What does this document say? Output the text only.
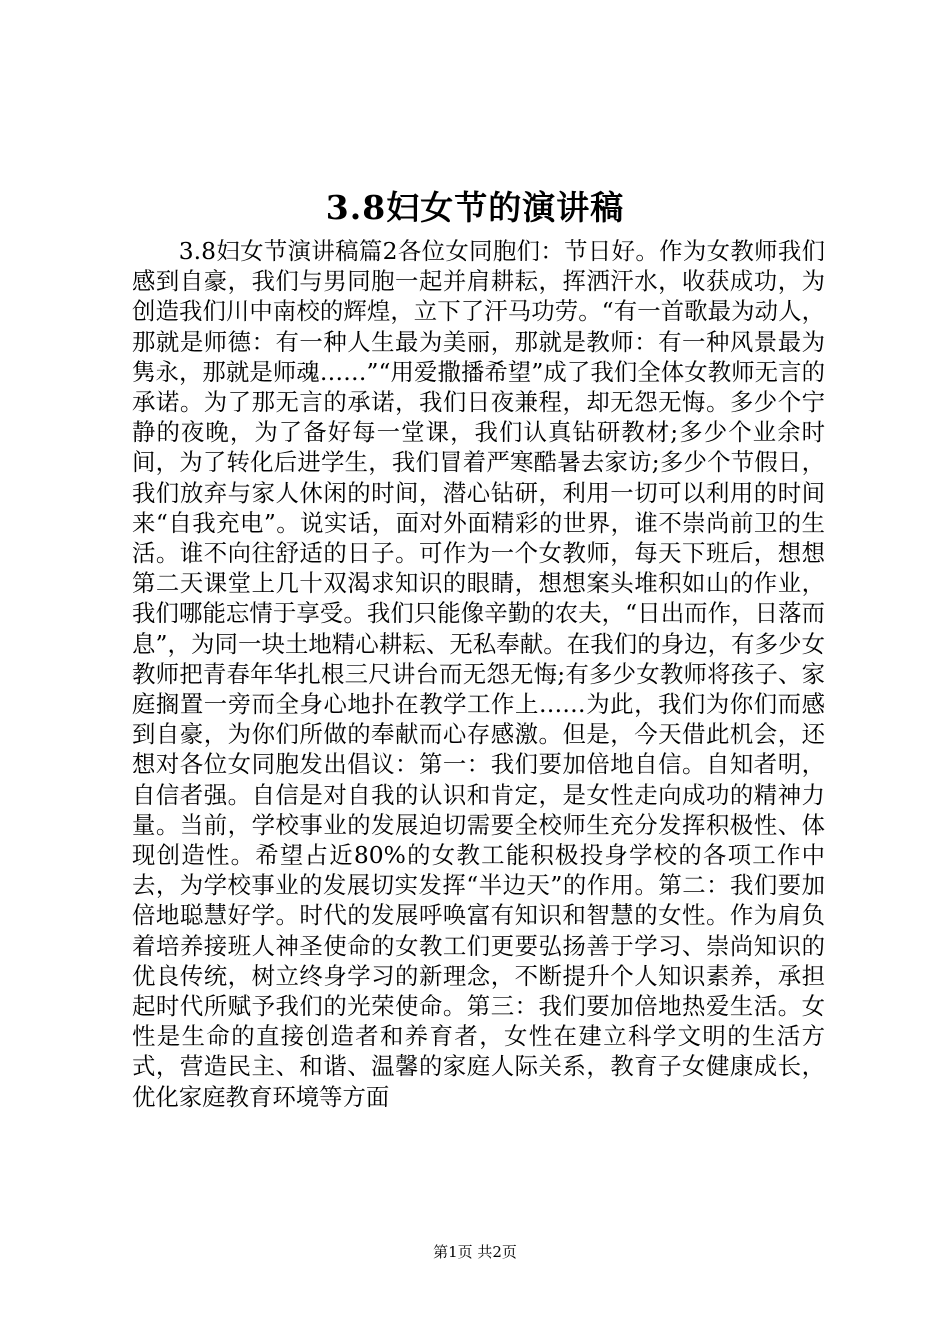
3.8妇女节的演讲稿

3.8妇女节演讲稿篇2各位女同胞们：节日好。作为女教师我们感到自豪，我们与男同胞一起并肩耕耘，挥洒汗水，收获成功，为创造我们川中南校的辉煌，立下了汗马功劳。“有一首歌最为动人，那就是师德：有一种人生最为美丽，那就是教师：有一种风景最为隽永，那就是师魂……”“用爱撒播希望”成了我们全体女教师无言的承诺。为了那无言的承诺，我们日夜兼程，却无怨无悔。多少个宁静的夜晚，为了备好每一堂课，我们认真钻研教材;多少个业余时间，为了转化后进学生，我们冒着严寒酷暑去家访;多少个节假日，我们放弃与家人休闲的时间，潜心钻研，利用一切可以利用的时间来“自我充电”。说实话，面对外面精彩的世界，谁不崇尚前卫的生活。谁不向往舒适的日子。可作为一个女教师，每天下班后，想想第二天课堂上几十双渴求知识的眼睛，想想案头堆积如山的作业，我们哪能忘情于享受。我们只能像辛勤的农夫，“日出而作，日落而息”，为同一块土地精心耕耘、无私奉献。在我们的身边，有多少女教师把青春年华扎根三尺讲台而无怨无悔;有多少女教师将孩子、家庭搁置一旁而全身心地扑在教学工作上……为此，我们为你们而感到自豪，为你们所做的奉献而心存感激。但是，今天借此机会，还想对各位女同胞发出倡议：第一：我们要加倍地自信。自知者明，自信者强。自信是对自我的认识和肯定，是女性走向成功的精神力量。当前，学校事业的发展迫切需要全校师生充分发挥积极性、体现创造性。希望占近80%的女教工能积极投身学校的各项工作中去，为学校事业的发展切实发挥“半边天”的作用。第二：我们要加倍地聪慧好学。时代的发展呼唤富有知识和智慧的女性。作为肩负着培养接班人神圣使命的女教工们更要弘扬善于学习、崇尚知识的优良传统，树立终身学习的新理念，不断提升个人知识素养，承担起时代所赋予我们的光荣使命。第三：我们要加倍地热爱生活。女性是生命的直接创造者和养育者，女性在建立科学文明的生活方式，营造民主、和谐、温馨的家庭人际关系，教育子女健康成长，优化家庭教育环境等方面

第1页 共2页
